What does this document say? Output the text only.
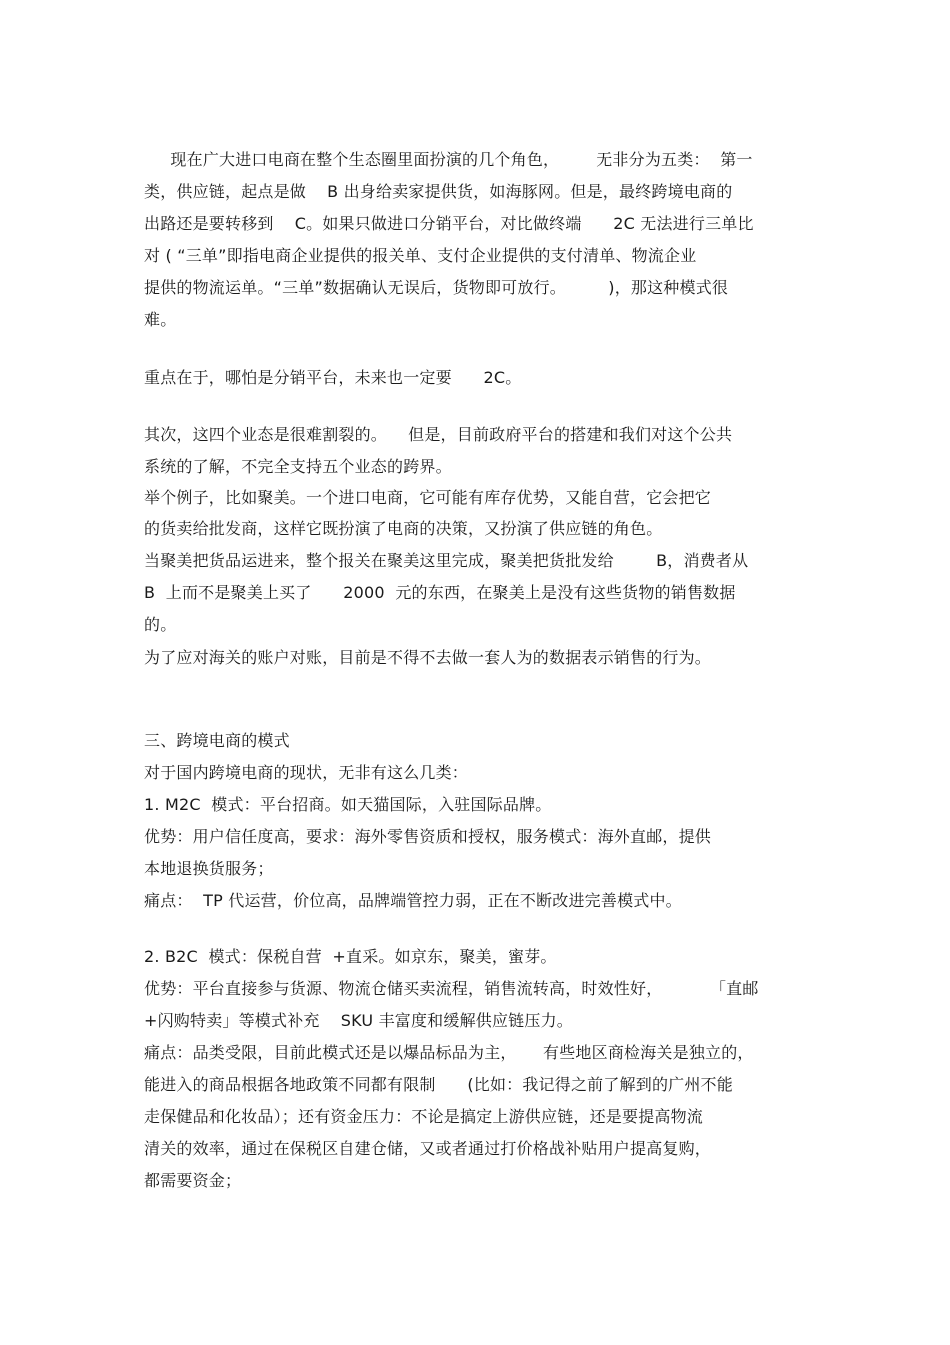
现在广大进口电商在整个生态圈里面扮演的几个角色，       无非分为五类：  第一
类，供应链，起点是做    B 出身给卖家提供货，如海豚网。但是，最终跨境电商的
出路还是要转移到    C。如果只做进口分销平台，对比做终端      2C 无法进行三单比
对 ( “三单”即指电商企业提供的报关单、支付企业提供的支付清单、物流企业
提供的物流运单。“三单”数据确认无误后，货物即可放行。        )，那这种模式很
难。
重点在于，哪怕是分销平台，未来也一定要      2C。
其次，这四个业态是很难割裂的。    但是，目前政府平台的搭建和我们对这个公共
系统的了解，不完全支持五个业态的跨界。
举个例子，比如聚美。一个进口电商，它可能有库存优势，又能自营，它会把它
的货卖给批发商，这样它既扮演了电商的决策，又扮演了供应链的角色。
当聚美把货品运进来，整个报关在聚美这里完成，聚美把货批发给        B，消费者从
B  上而不是聚美上买了      2000  元的东西，在聚美上是没有这些货物的销售数据
的。
为了应对海关的账户对账，目前是不得不去做一套人为的数据表示销售的行为。
三、跨境电商的模式
对于国内跨境电商的现状，无非有这么几类：
1. M2C  模式：平台招商。如天猫国际，入驻国际品牌。
优势：用户信任度高，要求：海外零售资质和授权，服务模式：海外直邮，提供
本地退换货服务；
痛点：  TP 代运营，价位高，品牌端管控力弱，正在不断改进完善模式中。
2. B2C  模式：保税自营  +直采。如京东，聚美，蜜芽。
优势：平台直接参与货源、物流仓储买卖流程，销售流转高，时效性好，         「直邮
+闪购特卖」等模式补充    SKU 丰富度和缓解供应链压力。
痛点：品类受限，目前此模式还是以爆品标品为主，     有些地区商检海关是独立的，
能进入的商品根据各地政策不同都有限制      (比如：我记得之前了解到的广州不能
走保健品和化妆品）；还有资金压力：不论是搞定上游供应链，还是要提高物流
清关的效率，通过在保税区自建仓储，又或者通过打价格战补贴用户提高复购，
都需要资金；
